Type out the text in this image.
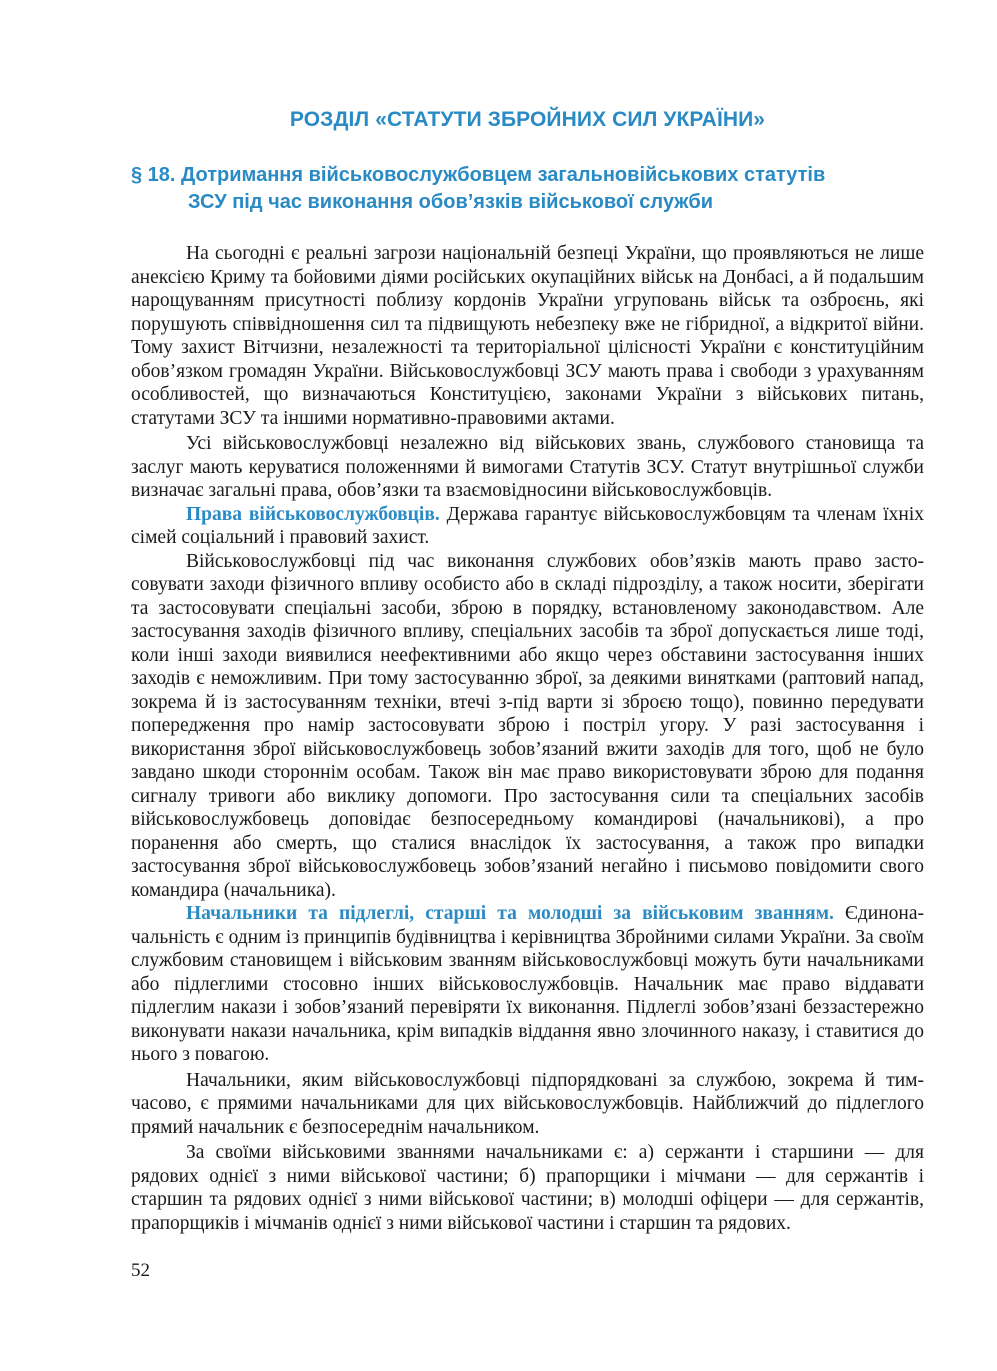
РОЗДІЛ «СТАТУТИ ЗБРОЙНИХ СИЛ УКРАЇНИ»
§ 18. Дотримання військовослужбовцем загальновійськових статутів
ЗСУ під час виконання обов’язків військової служби

На сьогодні є реальні загрози національній безпеці України, що проявляються не лише анексією Криму та бойовими діями російських окупаційних військ на Донбасі, а й подальшим нарощуванням присутності поблизу кордонів України угруповань військ та озброєнь, які порушують співвідношення сил та підвищують небезпеку вже не гібридної, а відкритої війни. Тому захист Вітчизни, незалежності та територіальної цілісності України є конституційним обов’язком громадян України. Військовослужбовці ЗСУ мають права і свободи з урахуванням особливостей, що визначаються Конституцією, законами України з військових питань, статутами ЗСУ та іншими нормативно-правовими актами.

Усі військовослужбовці незалежно від військових звань, службового становища та заслуг мають керуватися положеннями й вимогами Статутів ЗСУ. Статут внутрішньої служби визначає загальні права, обов’язки та взаємовідносини військовослужбовців.

Права військовослужбовців. Держава гарантує військовослужбовцям та членам їхніх сімей соціальний і правовий захист.

Військовослужбовці під час виконання службових обов’язків мають право застосовувати заходи фізичного впливу особисто або в складі підрозділу, а також носити, зберігати та застосовувати спеціальні засоби, зброю в порядку, встановленому законодавством. Але застосування заходів фізичного впливу, спеціальних засобів та зброї допускається лише тоді, коли інші заходи виявилися неефективними або якщо через обставини застосування інших заходів є неможливим. При тому застосуванню зброї, за деякими винятками (раптовий напад, зокрема й із застосуванням техніки, втечі з-під варти зі зброєю тощо), повинно передувати попередження про намір застосовувати зброю і постріл угору. У разі застосування і використання зброї військовослужбовець зобов’язаний вжити заходів для того, щоб не було завдано шкоди стороннім особам. Також він має право використовувати зброю для подання сигналу тривоги або виклику допомоги. Про застосування сили та спеціальних засобів військовослужбовець доповідає безпосередньому командирові (начальникові), а про поранення або смерть, що сталися внаслідок їх застосування, а також про випадки застосування зброї військовослужбовець зобов’язаний негайно і письмово повідомити свого командира (начальника).

Начальники та підлеглі, старші та молодші за військовим званням. Єдиноначальність є одним із принципів будівництва і керівництва Збройними силами України. За своїм службовим становищем і військовим званням військовослужбовці можуть бути начальниками або підлеглими стосовно інших військовослужбовців. Начальник має право віддавати підлеглим накази і зобов’язаний перевіряти їх виконання. Підлеглі зобов’язані беззастережно виконувати накази начальника, крім випадків віддання явно злочинного наказу, і ставитися до нього з повагою.

Начальники, яким військовослужбовці підпорядковані за службою, зокрема й тимчасово, є прямими начальниками для цих військовослужбовців. Найближчий до підлеглого прямий начальник є безпосереднім начальником.

За своїми військовими званнями начальниками є: а) сержанти і старшини — для рядових однієї з ними військової частини; б) прапорщики і мічмани — для сержантів і старшин та рядових однієї з ними військової частини; в) молодші офіцери — для сержантів, прапорщиків і мічманів однієї з ними військової частини і старшин та рядових.

52
